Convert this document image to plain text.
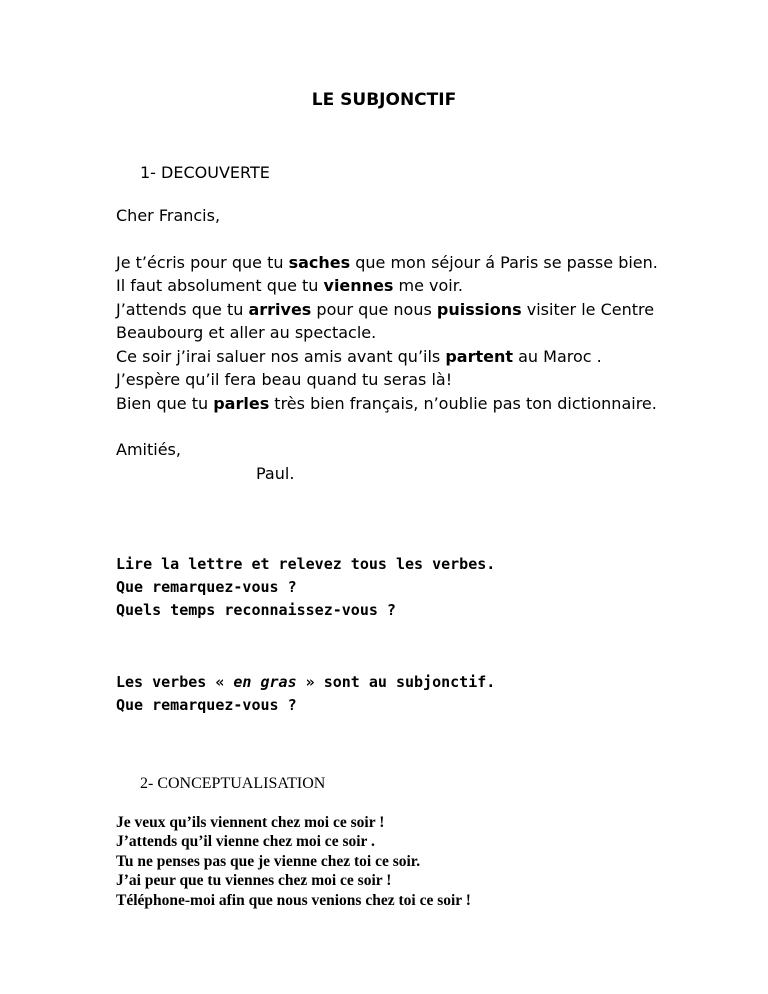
LE SUBJONCTIF
1- DECOUVERTE

Cher Francis,

Je t’écris pour que tu saches que mon séjour á Paris se passe bien.

Il faut absolument que tu viennes me voir.

J’attends que tu arrives pour que nous puissions visiter le Centre Beaubourg et aller au spectacle.

Ce soir j’irai saluer nos amis avant qu’ils partent au Maroc .

J’espère qu’il fera beau quand tu seras là!

Bien que tu parles très bien français, n’oublie pas ton dictionnaire.

Amitiés,

Paul.

Lire la lettre et relevez tous les verbes.

Que remarquez-vous ?

Quels temps reconnaissez-vous ?

Les verbes « en gras » sont au subjonctif.

Que remarquez-vous ?

2- CONCEPTUALISATION

Je veux qu’ils viennent chez moi ce soir !

J’attends qu’il vienne chez moi ce soir .

Tu ne penses pas que je vienne chez toi ce soir.

J’ai peur que tu viennes chez moi ce soir !

Téléphone-moi afin que nous venions chez toi ce soir !
